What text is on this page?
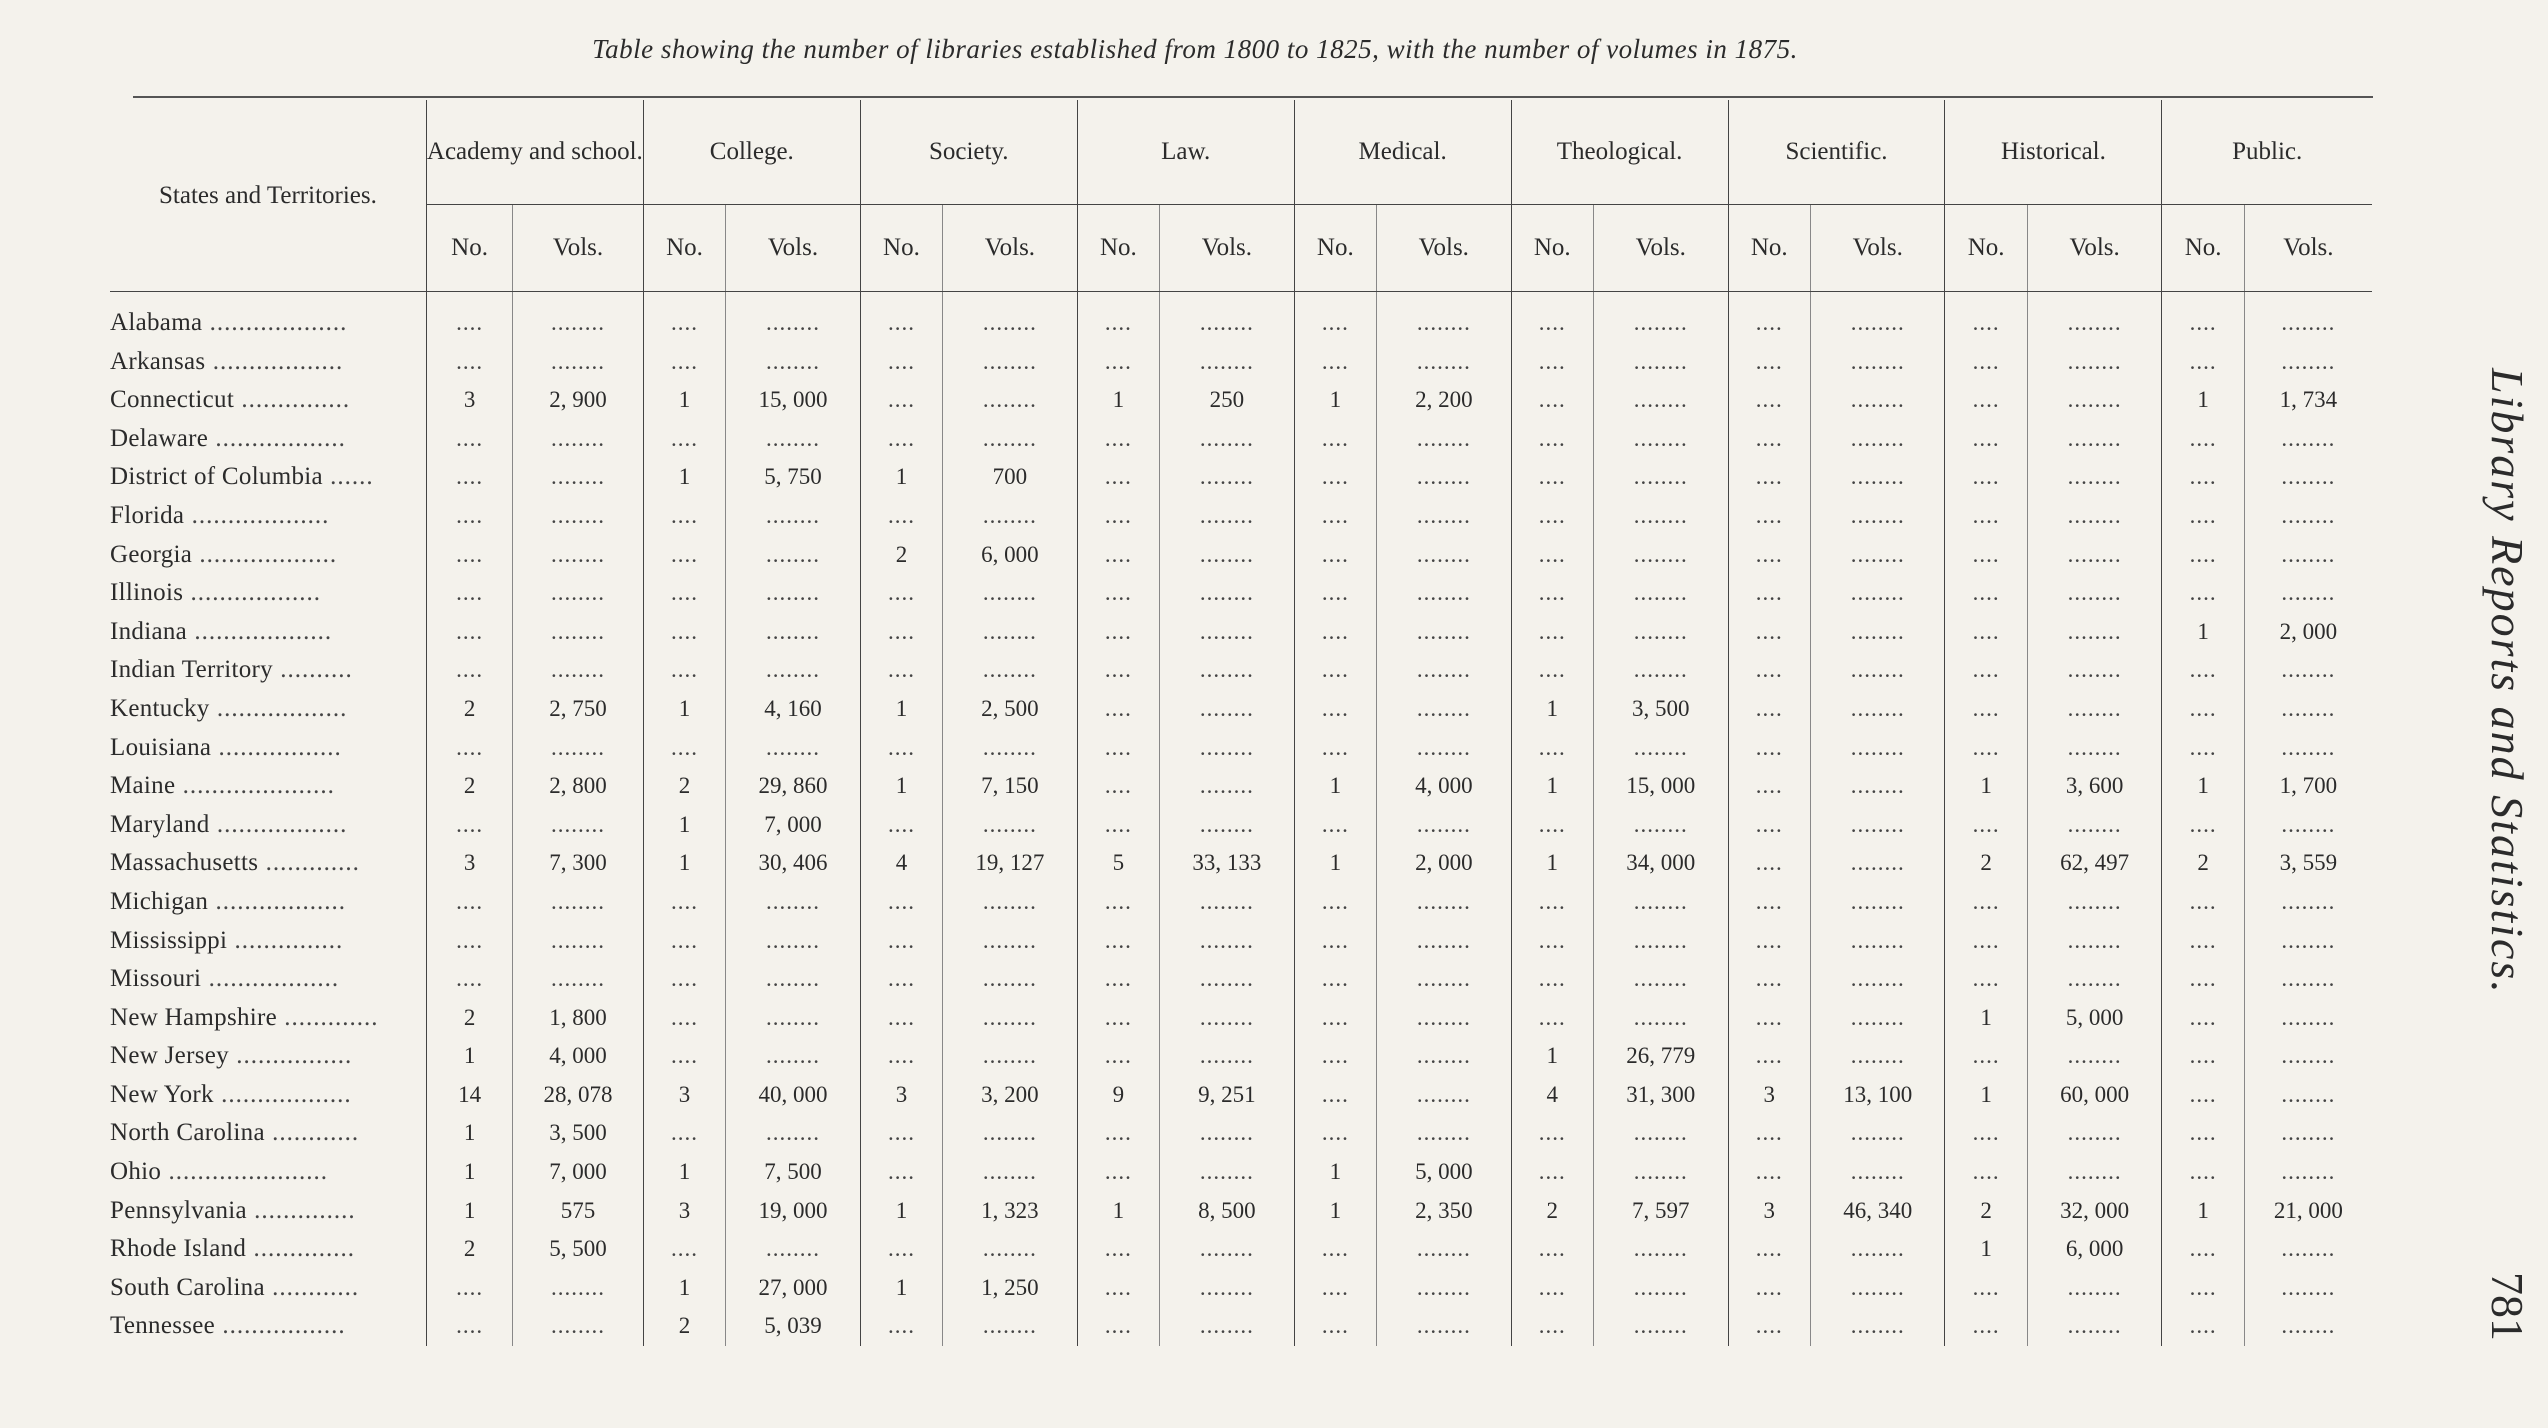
Table showing the number of libraries established from 1800 to 1825, with the number of volumes in 1875.
States and Territories.	Academy and school.		College.		Society.		Law.		Medical.		Theological.		Scientific.		Historical.		Public.	
	No.	Vols.	No.	Vols.	No.	Vols.	No.	Vols.	No.	Vols.	No.	Vols.	No.	Vols.	No.	Vols.	No.	Vols.

Alabama ...................	....	........	....	........	....	........	....	........	....	........	....	........	....	........	....	........	....	........
Arkansas ..................	....	........	....	........	....	........	....	........	....	........	....	........	....	........	....	........	....	........
Connecticut ...............	3	2, 900	1	15, 000	....	........	1	250	1	2, 200	....	........	....	........	....	........	1	1, 734
Delaware ..................	....	........	....	........	....	........	....	........	....	........	....	........	....	........	....	........	....	........
District of Columbia ......	....	........	1	5, 750	1	700	....	........	....	........	....	........	....	........	....	........	....	........
Florida ...................	....	........	....	........	....	........	....	........	....	........	....	........	....	........	....	........	....	........
Georgia ...................	....	........	....	........	2	6, 000	....	........	....	........	....	........	....	........	....	........	....	........
Illinois ..................	....	........	....	........	....	........	....	........	....	........	....	........	....	........	....	........	....	........
Indiana ...................	....	........	....	........	....	........	....	........	....	........	....	........	....	........	....	........	1	2, 000
Indian Territory ..........	....	........	....	........	....	........	....	........	....	........	....	........	....	........	....	........	....	........
Kentucky ..................	2	2, 750	1	4, 160	1	2, 500	....	........	....	........	1	3, 500	....	........	....	........	....	........
Louisiana .................	....	........	....	........	....	........	....	........	....	........	....	........	....	........	....	........	....	........
Maine .....................	2	2, 800	2	29, 860	1	7, 150	....	........	1	4, 000	1	15, 000	....	........	1	3, 600	1	1, 700
Maryland ..................	....	........	1	7, 000	....	........	....	........	....	........	....	........	....	........	....	........	....	........
Massachusetts .............	3	7, 300	1	30, 406	4	19, 127	5	33, 133	1	2, 000	1	34, 000	....	........	2	62, 497	2	3, 559
Michigan ..................	....	........	....	........	....	........	....	........	....	........	....	........	....	........	....	........	....	........
Mississippi ...............	....	........	....	........	....	........	....	........	....	........	....	........	....	........	....	........	....	........
Missouri ..................	....	........	....	........	....	........	....	........	....	........	....	........	....	........	....	........	....	........
New Hampshire .............	2	1, 800	....	........	....	........	....	........	....	........	....	........	....	........	1	5, 000	....	........
New Jersey ................	1	4, 000	....	........	....	........	....	........	....	........	1	26, 779	....	........	....	........	....	........
New York ..................	14	28, 078	3	40, 000	3	3, 200	9	9, 251	....	........	4	31, 300	3	13, 100	1	60, 000	....	........
North Carolina ............	1	3, 500	....	........	....	........	....	........	....	........	....	........	....	........	....	........	....	........
Ohio ......................	1	7, 000	1	7, 500	....	........	....	........	1	5, 000	....	........	....	........	....	........	....	........
Pennsylvania ..............	1	575	3	19, 000	1	1, 323	1	8, 500	1	2, 350	2	7, 597	3	46, 340	2	32, 000	1	21, 000
Rhode Island ..............	2	5, 500	....	........	....	........	....	........	....	........	....	........	....	........	1	6, 000	....	........
South Carolina ............	....	........	1	27, 000	1	1, 250	....	........	....	........	....	........	....	........	....	........	....	........
Tennessee .................	....	........	2	5, 039	....	........	....	........	....	........	....	........	....	........	....	........	....	........
Library Reports and Statistics.
781
